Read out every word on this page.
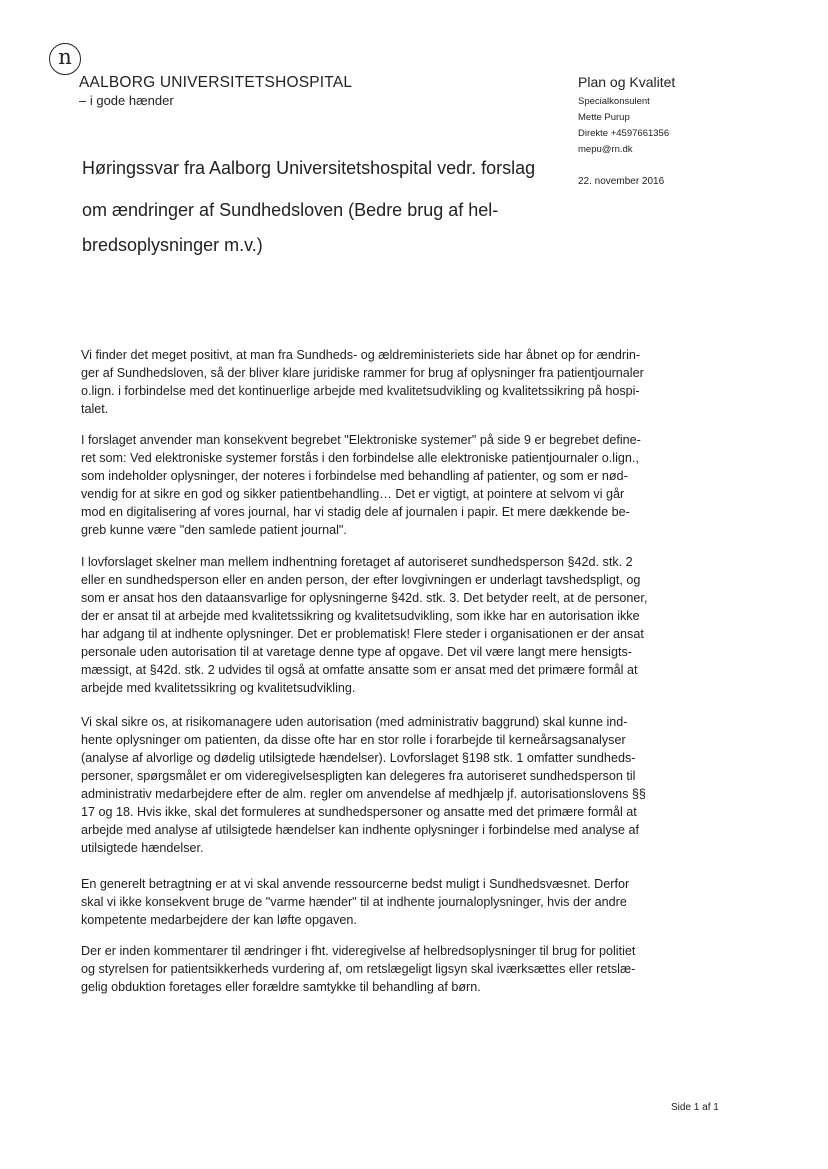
n
AALBORG UNIVERSITETSHOSPITAL
– i gode hænder
Plan og Kvalitet
Specialkonsulent
Mette Purup
Direkte +4597661356
mepu@rn.dk
22. november 2016
Høringssvar fra Aalborg Universitetshospital vedr. forslag
om ændringer af Sundhedsloven (Bedre brug af hel-
bredsoplysninger m.v.)

Vi finder det meget positivt, at man fra Sundheds- og ældreministeriets side har åbnet op for ændrin-

ger af Sundhedsloven, så der bliver klare juridiske rammer for brug af oplysninger fra patientjournaler

o.lign. i forbindelse med det kontinuerlige arbejde med kvalitetsudvikling og kvalitetssikring på hospi-

talet.

I forslaget anvender man konsekvent begrebet "Elektroniske systemer" på side 9 er begrebet define-

ret som: Ved elektroniske systemer forstås i den forbindelse alle elektroniske patientjournaler o.lign.,

som indeholder oplysninger, der noteres i forbindelse med behandling af patienter, og som er nød-

vendig for at sikre en god og sikker patientbehandling… Det er vigtigt, at pointere at selvom vi går

mod en digitalisering af vores journal, har vi stadig dele af journalen i papir. Et mere dækkende be-

greb kunne være "den samlede patient journal".

I lovforslaget skelner man mellem indhentning foretaget af autoriseret sundhedsperson §42d. stk. 2

eller en sundhedsperson eller en anden person, der efter lovgivningen er underlagt tavshedspligt, og

som er ansat hos den dataansvarlige for oplysningerne §42d. stk. 3. Det betyder reelt, at de personer,

der er ansat til at arbejde med kvalitetssikring og kvalitetsudvikling, som ikke har en autorisation ikke

har adgang til at indhente oplysninger. Det er problematisk! Flere steder i organisationen er der ansat

personale uden autorisation til at varetage denne type af opgave. Det vil være langt mere hensigts-

mæssigt, at §42d. stk. 2 udvides til også at omfatte ansatte som er ansat med det primære formål at

arbejde med kvalitetssikring og kvalitetsudvikling.

Vi skal sikre os, at risikomanagere uden autorisation (med administrativ baggrund) skal kunne ind-

hente oplysninger om patienten, da disse ofte har en stor rolle i forarbejde til kerneårsagsanalyser

(analyse af alvorlige og dødelig utilsigtede hændelser). Lovforslaget §198 stk. 1 omfatter sundheds-

personer, spørgsmålet er om videregivelsespligten kan delegeres fra autoriseret sundhedsperson til

administrativ medarbejdere efter de alm. regler om anvendelse af medhjælp jf. autorisationslovens §§

17 og 18. Hvis ikke, skal det formuleres at sundhedspersoner og ansatte med det primære formål at

arbejde med analyse af utilsigtede hændelser kan indhente oplysninger i forbindelse med analyse af

utilsigtede hændelser.

En generelt betragtning er at vi skal anvende ressourcerne bedst muligt i Sundhedsvæsnet. Derfor

skal vi ikke konsekvent bruge de "varme hænder" til at indhente journaloplysninger, hvis der andre

kompetente medarbejdere der kan løfte opgaven.

Der er inden kommentarer til ændringer i fht. videregivelse af helbredsoplysninger til brug for politiet

og styrelsen for patientsikkerheds vurdering af, om retslægeligt ligsyn skal iværksættes eller retslæ-

gelig obduktion foretages eller forældre samtykke til behandling af børn.

Side 1 af 1
